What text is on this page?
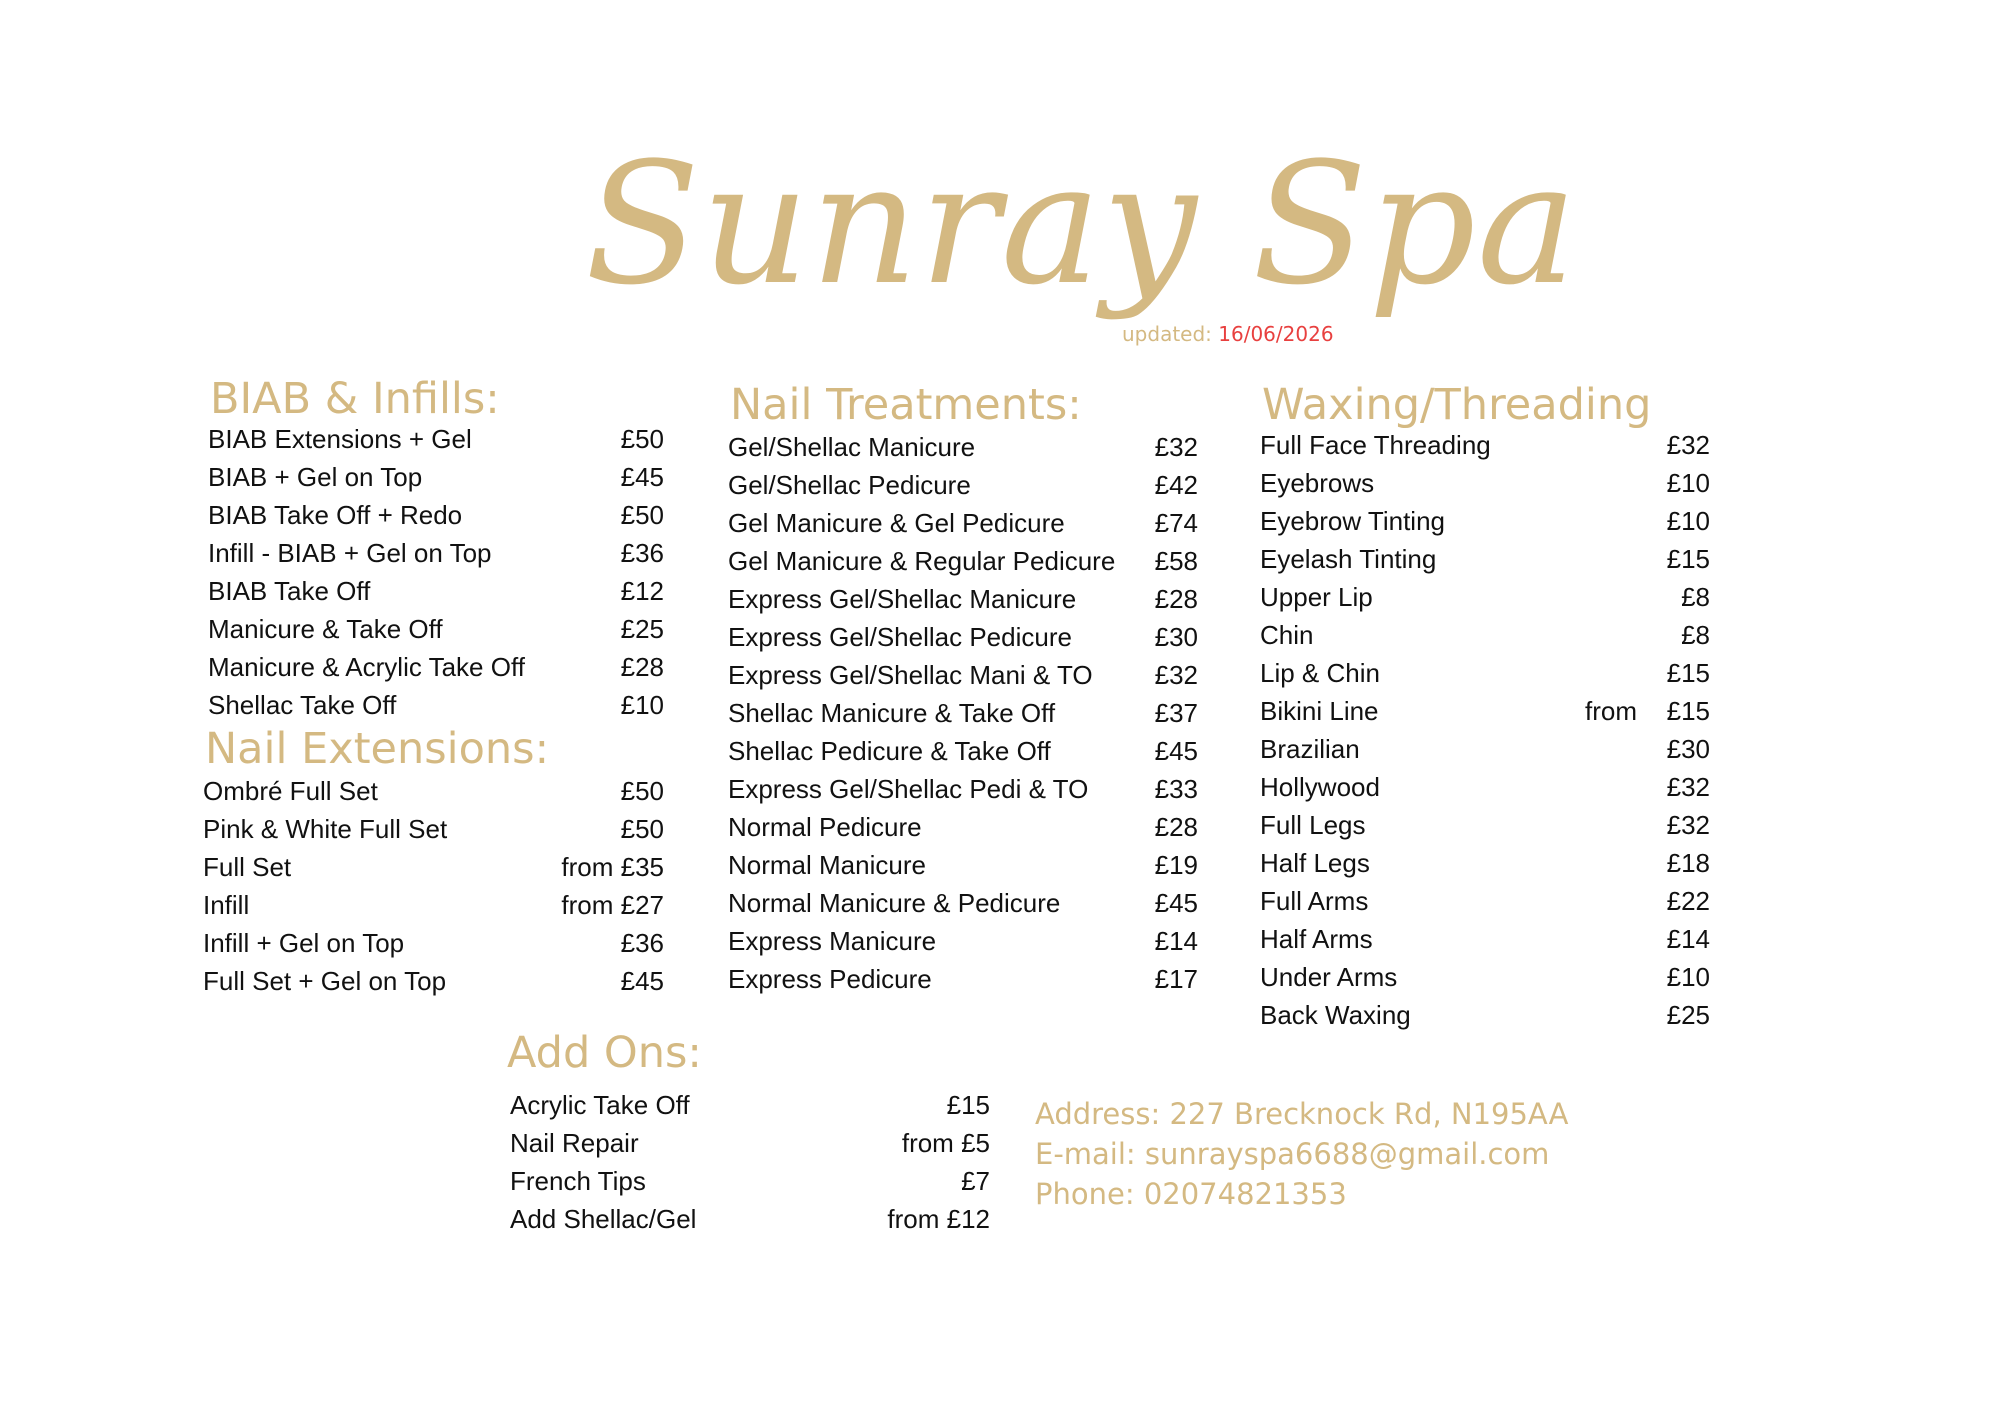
Sunray Spa
updated: 16/06/2026
BIAB & Infills:
BIAB Extensions + Gel	£50
BIAB + Gel on Top	£45
BIAB Take Off + Redo	£50
Infill - BIAB + Gel on Top	£36
BIAB Take Off	£12
Manicure & Take Off	£25
Manicure & Acrylic Take Off	£28
Shellac Take Off	£10
Nail Extensions:
Ombré Full Set	£50
Pink & White Full Set	£50
Full Set	from £35
Infill	from £27
Infill + Gel on Top	£36
Full Set + Gel on Top	£45
Nail Treatments:
Gel/Shellac Manicure	£32
Gel/Shellac Pedicure	£42
Gel Manicure & Gel Pedicure	£74
Gel Manicure & Regular Pedicure £58
Express Gel/Shellac Manicure	£28
Express Gel/Shellac Pedicure	£30
Express Gel/Shellac Mani & TO £32
Shellac Manicure & Take Off	£37
Shellac Pedicure & Take Off	£45
Express Gel/Shellac Pedi & TO	£33
Normal Pedicure	£28
Normal Manicure	£19
Normal Manicure & Pedicure	£45
Express Manicure	£14
Express Pedicure	£17
Waxing/Threading
Full Face Threading	£32
Eyebrows	£10
Eyebrow Tinting	£10
Eyelash Tinting	£15
Upper Lip	£8
Chin	£8
Lip & Chin	£15
Bikini Line	from £15
Brazilian	£30
Hollywood	£32
Full Legs	£32
Half Legs	£18
Full Arms	£22
Half Arms	£14
Under Arms	£10
Back Waxing	£25
Add Ons:
Acrylic Take Off	£15
Nail Repair	from £5
French Tips	£7
Add Shellac/Gel	from £12
Address: 227 Brecknock Rd, N195AA
E-mail: sunrayspa6688@gmail.com
Phone: 02074821353
